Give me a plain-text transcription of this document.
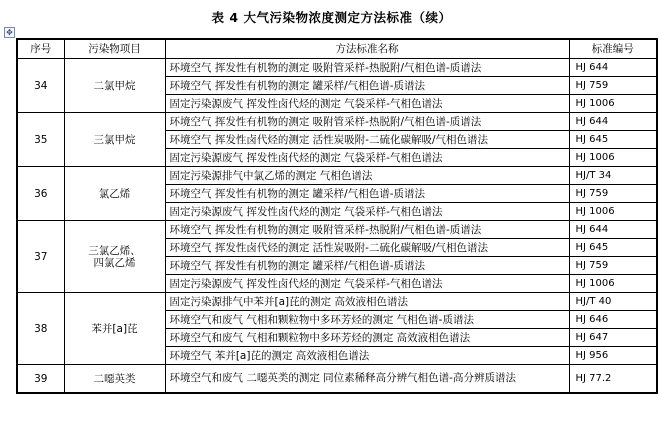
表 4 大气污染物浓度测定方法标准（续）
✥
序号	污染物项目	方法标准名称	标准编号
34	二氯甲烷	环境空气 挥发性有机物的测定 吸附管采样-热脱附/气相色谱-质谱法	HJ 644
		环境空气 挥发性有机物的测定 罐采样/气相色谱-质谱法	HJ 759
		固定污染源废气 挥发性卤代烃的测定 气袋采样-气相色谱法	HJ 1006
35	三氯甲烷	环境空气 挥发性有机物的测定 吸附管采样-热脱附/气相色谱-质谱法	HJ 644
		环境空气 挥发性卤代烃的测定 活性炭吸附-二硫化碳解吸/气相色谱法	HJ 645
		固定污染源废气 挥发性卤代烃的测定 气袋采样-气相色谱法	HJ 1006
36	氯乙烯	固定污染源排气中氯乙烯的测定 气相色谱法	HJ/T 34
		环境空气 挥发性有机物的测定 罐采样/气相色谱-质谱法	HJ 759
		固定污染源废气 挥发性卤代烃的测定 气袋采样-气相色谱法	HJ 1006
37	三氯乙烯、
四氯乙烯	环境空气 挥发性有机物的测定 吸附管采样-热脱附/气相色谱-质谱法	HJ 644
		环境空气 挥发性卤代烃的测定 活性炭吸附-二硫化碳解吸/气相色谱法	HJ 645
		环境空气 挥发性有机物的测定 罐采样/气相色谱-质谱法	HJ 759
		固定污染源废气 挥发性卤代烃的测定 气袋采样-气相色谱法	HJ 1006
38	苯并[a]芘	固定污染源排气中苯并[a]芘的测定 高效液相色谱法	HJ/T 40
		环境空气和废气 气相和颗粒物中多环芳烃的测定 气相色谱-质谱法	HJ 646
		环境空气和废气 气相和颗粒物中多环芳烃的测定 高效液相色谱法	HJ 647
		环境空气 苯并[a]芘的测定 高效液相色谱法	HJ 956
39	二噁英类	环境空气和废气 二噁英类的测定 同位素稀释高分辨气相色谱-高分辨质谱法	HJ 77.2
